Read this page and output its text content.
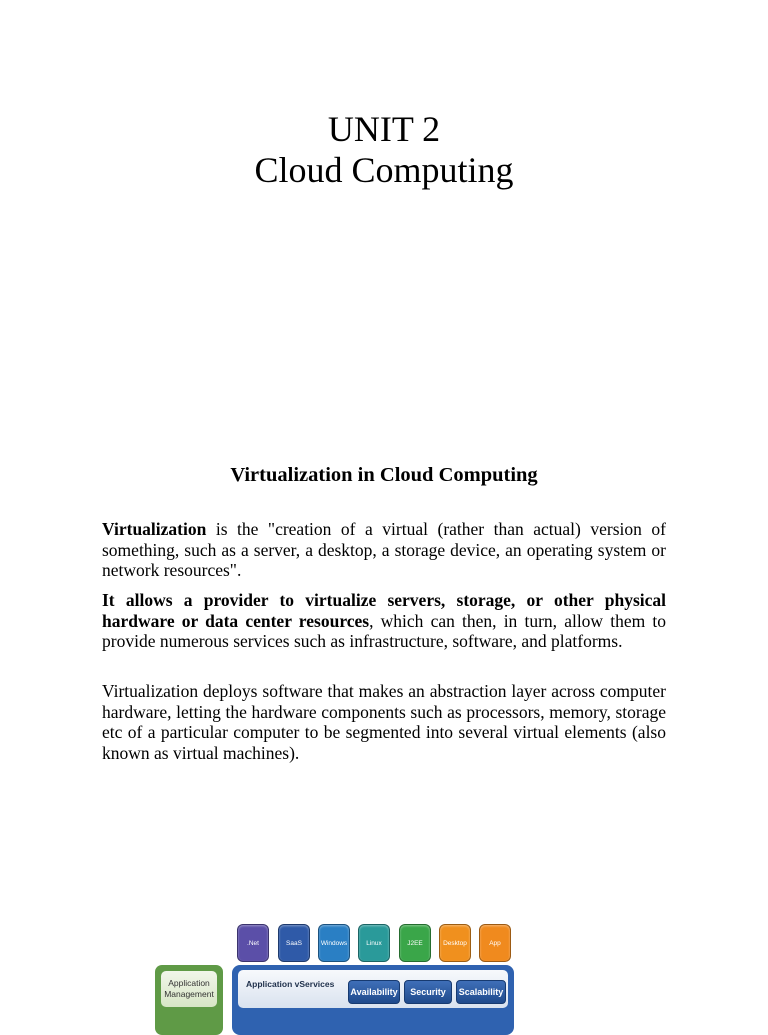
UNIT 2
Cloud Computing
Virtualization in Cloud Computing

Virtualization is the "creation of a virtual (rather than actual) version of something, such as a server, a desktop, a storage device, an operating system or network resources".

It allows a provider to virtualize servers, storage, or other physical hardware or data center resources, which can then, in turn, allow them to provide numerous services such as infrastructure, software, and platforms.

Virtualization deploys software that makes an abstraction layer across computer hardware, letting the hardware components such as processors, memory, storage etc of a particular computer to be segmented into several virtual elements (also known as virtual machines).

.Net	SaaS	Windows	Linux	J2EE	Desktop	App
Application Management
Application vServices
Availability	Security	Scalability
